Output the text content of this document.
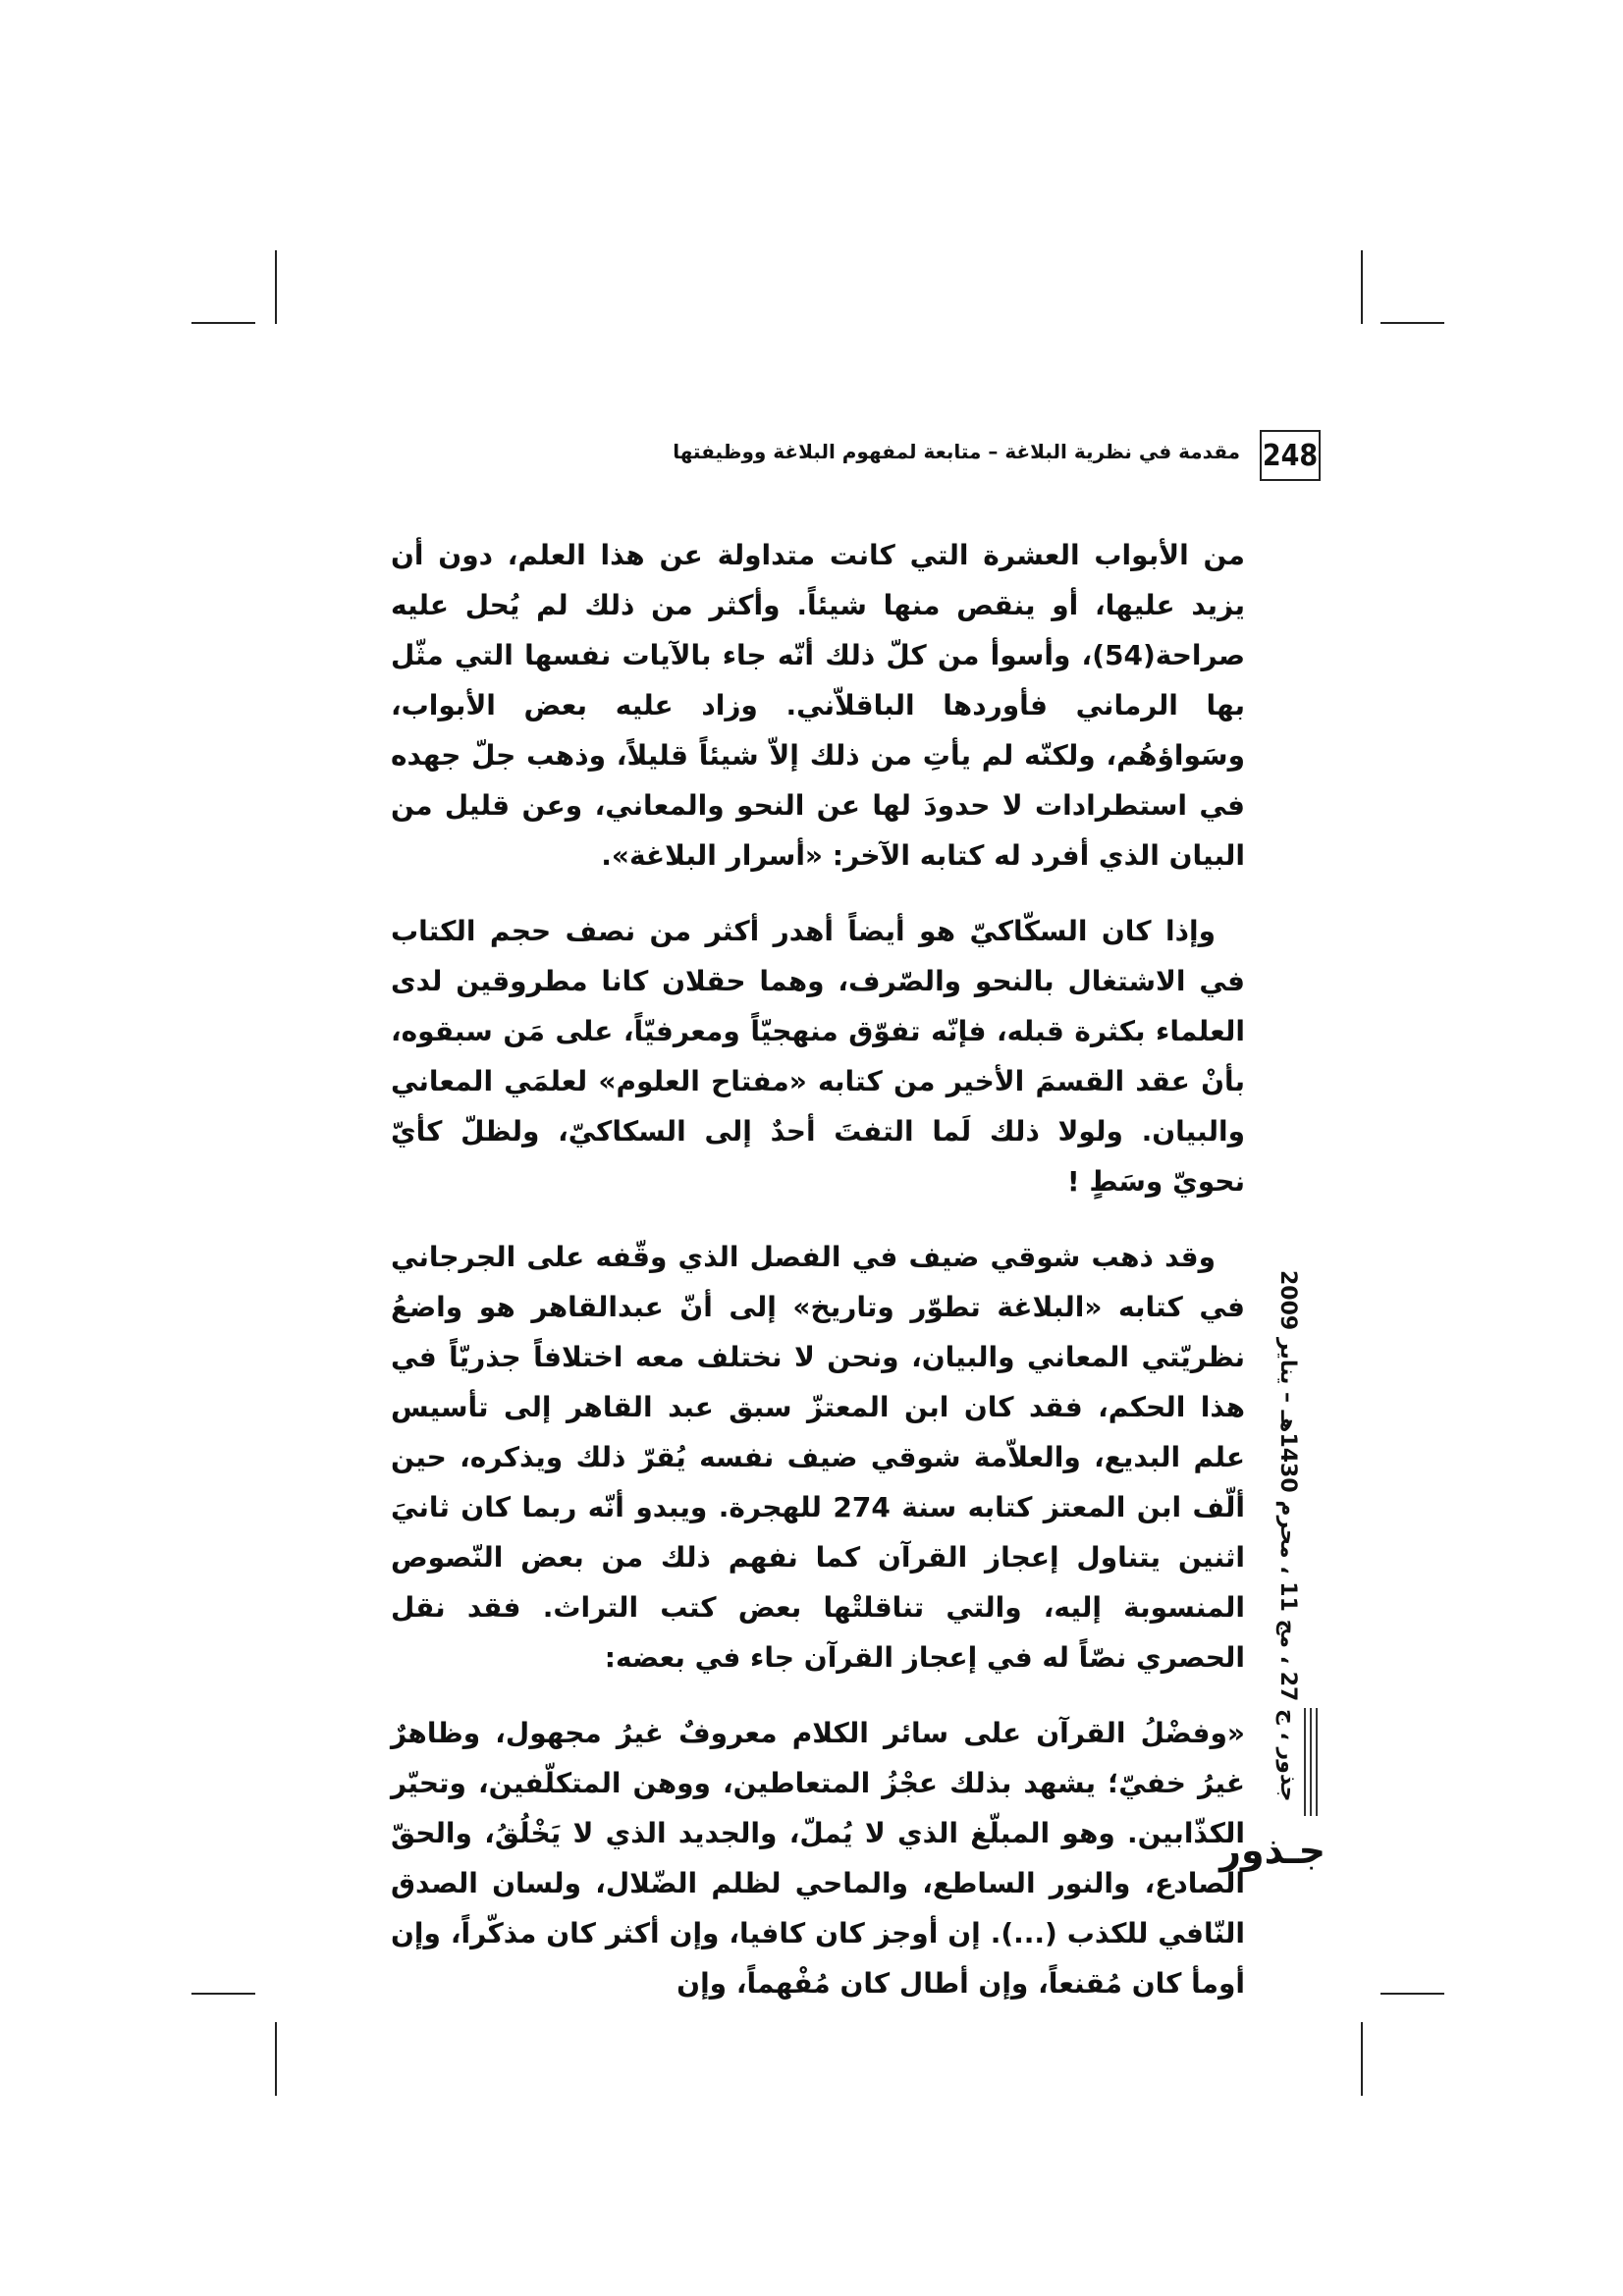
248
مقدمة في نظرية البلاغة – متابعة لمفهوم البلاغة ووظيفتها

من الأبواب العشرة التي كانت متداولة عن هذا العلم، دون أن يزيد عليها، أو ينقص منها شيئاً. وأكثر من ذلك لم يُحل عليه صراحة(54)، وأسوأ من كلّ ذلك أنّه جاء بالآيات نفسها التي مثّل بها الرماني فأوردها الباقلاّني. وزاد عليه بعض الأبواب، وسَواؤهُم، ولكنّه لم يأتِ من ذلك إلاّ شيئاً قليلاً، وذهب جلّ جهده في استطرادات لا حدودَ لها عن النحو والمعاني، وعن قليل من البيان الذي أفرد له كتابه الآخر: «أسرار البلاغة».

وإذا كان السكّاكيّ هو أيضاً أهدر أكثر من نصف حجم الكتاب في الاشتغال بالنحو والصّرف، وهما حقلان كانا مطروقين لدى العلماء بكثرة قبله، فإنّه تفوّق منهجيّاً ومعرفيّاً، على مَن سبقوه، بأنْ عقد القسمَ الأخير من كتابه «مفتاح العلوم» لعلمَي المعاني والبيان. ولولا ذلك لَما التفتَ أحدٌ إلى السكاكيّ، ولظلّ كأيّ نحويّ وسَطٍ !

وقد ذهب شوقي ضيف في الفصل الذي وقّفه على الجرجاني في كتابه «البلاغة تطوّر وتاريخ» إلى أنّ عبدالقاهر هو واضعُ نظريّتي المعاني والبيان، ونحن لا نختلف معه اختلافاً جذريّاً في هذا الحكم، فقد كان ابن المعتزّ سبق عبد القاهر إلى تأسيس علم البديع، والعلاّمة شوقي ضيف نفسه يُقرّ ذلك ويذكره، حين ألّف ابن المعتز كتابه سنة 274 للهجرة. ويبدو أنّه ربما كان ثانيَ اثنين يتناول إعجاز القرآن كما نفهم ذلك من بعض النّصوص المنسوبة إليه، والتي تناقلتْها بعض كتب التراث. فقد نقل الحصري نصّاً له في إعجاز القرآن جاء في بعضه:

«وفضْلُ القرآن على سائر الكلام معروفٌ غيرُ مجهول، وظاهرٌ غيرُ خفيّ؛ يشهد بذلك عجْزُ المتعاطين، ووهن المتكلّفين، وتحيّر الكذّابين. وهو المبلّغ الذي لا يُملّ، والجديد الذي لا يَخْلُقُ، والحقّ الصادع، والنور الساطع، والماحي لظلم الضّلال، ولسان الصدق النّافي للكذب (...). إن أوجز كان كافيا، وإن أكثر كان مذكّراً، وإن أومأ كان مُقنعاً، وإن أطال كان مُفْهماً، وإن

جذور ، ج 27 ، مج 11 ، محرم 1430هـ – يناير 2009
جـذور
